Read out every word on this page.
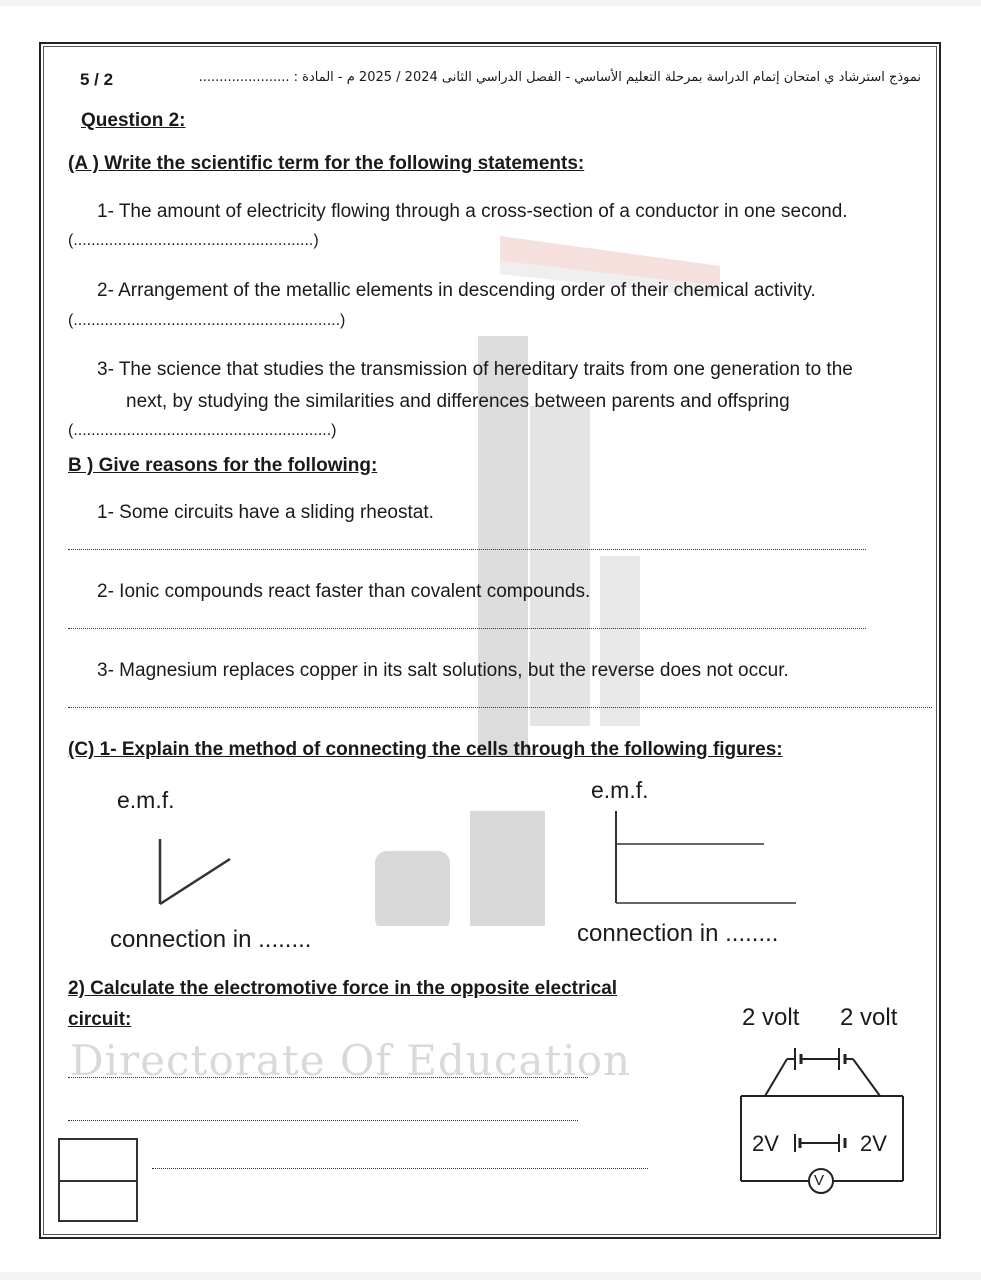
Directorate Of Education
5 / 2	نموذج استرشاد ي امتحان إتمام الدراسة بمرحلة التعليم الأساسي - الفصل الدراسي الثانى 2024 / 2025 م - المادة : ......................
Question 2:
(A ) Write the scientific term for the following statements:
1- The amount of electricity flowing through a cross-section of a conductor in one second.
(......................................................)
2- Arrangement of the metallic elements in descending order of their chemical activity.
(............................................................)
3- The science that studies the transmission of hereditary traits from one generation to the
next, by studying the similarities and differences between parents and offspring
(..........................................................)
B ) Give reasons for the following:
1- Some circuits have a sliding rheostat.
2- Ionic compounds react faster than covalent compounds.
3- Magnesium replaces copper in its salt solutions, but the reverse does not occur.
(C) 1- Explain the method of connecting the cells through the following figures:
e.m.f.	e.m.f.
connection in ........	connection in ........
2) Calculate the electromotive force in the opposite electrical
circuit:	2 volt 2 volt
2V	2V
V
